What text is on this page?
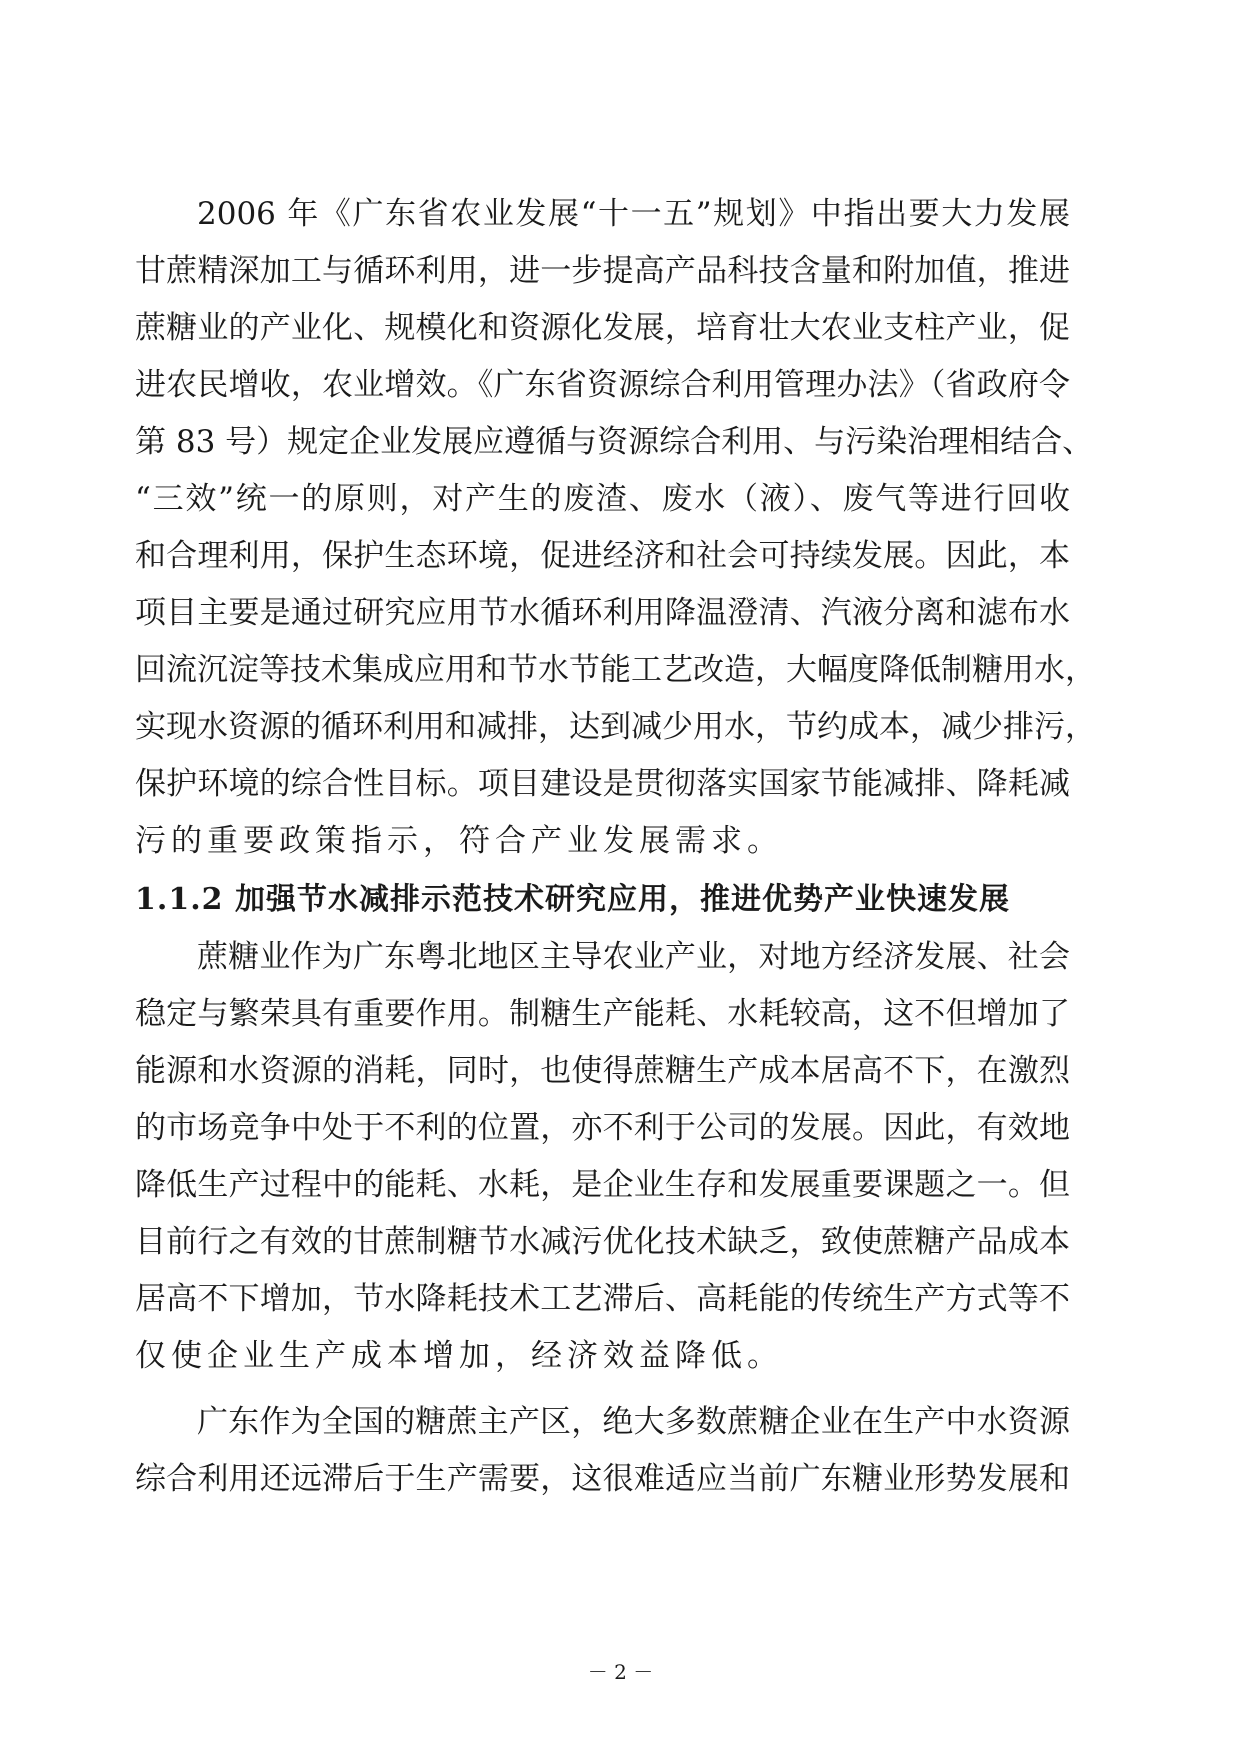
2006 年《广东省农业发展“十一五”规划》中指出要大力发展
甘蔗精深加工与循环利用，进一步提高产品科技含量和附加值，推进
蔗糖业的产业化、规模化和资源化发展，培育壮大农业支柱产业，促
进农民增收，农业增效。《广东省资源综合利用管理办法》（省政府令
第 83 号）规定企业发展应遵循与资源综合利用、与污染治理相结合、
“三效”统一的原则，对产生的废渣、废水（液）、废气等进行回收
和合理利用，保护生态环境，促进经济和社会可持续发展。因此，本
项目主要是通过研究应用节水循环利用降温澄清、汽液分离和滤布水
回流沉淀等技术集成应用和节水节能工艺改造，大幅度降低制糖用水，
实现水资源的循环利用和减排，达到减少用水，节约成本，减少排污，
保护环境的综合性目标。项目建设是贯彻落实国家节能减排、降耗减
污的重要政策指示，符合产业发展需求。
1.1.2 加强节水减排示范技术研究应用，推进优势产业快速发展
蔗糖业作为广东粤北地区主导农业产业，对地方经济发展、社会
稳定与繁荣具有重要作用。制糖生产能耗、水耗较高，这不但增加了
能源和水资源的消耗，同时，也使得蔗糖生产成本居高不下，在激烈
的市场竞争中处于不利的位置，亦不利于公司的发展。因此，有效地
降低生产过程中的能耗、水耗，是企业生存和发展重要课题之一。但
目前行之有效的甘蔗制糖节水减污优化技术缺乏，致使蔗糖产品成本
居高不下增加，节水降耗技术工艺滞后、高耗能的传统生产方式等不
仅使企业生产成本增加，经济效益降低。
广东作为全国的糖蔗主产区，绝大多数蔗糖企业在生产中水资源
综合利用还远滞后于生产需要，这很难适应当前广东糖业形势发展和
－ 2 －
